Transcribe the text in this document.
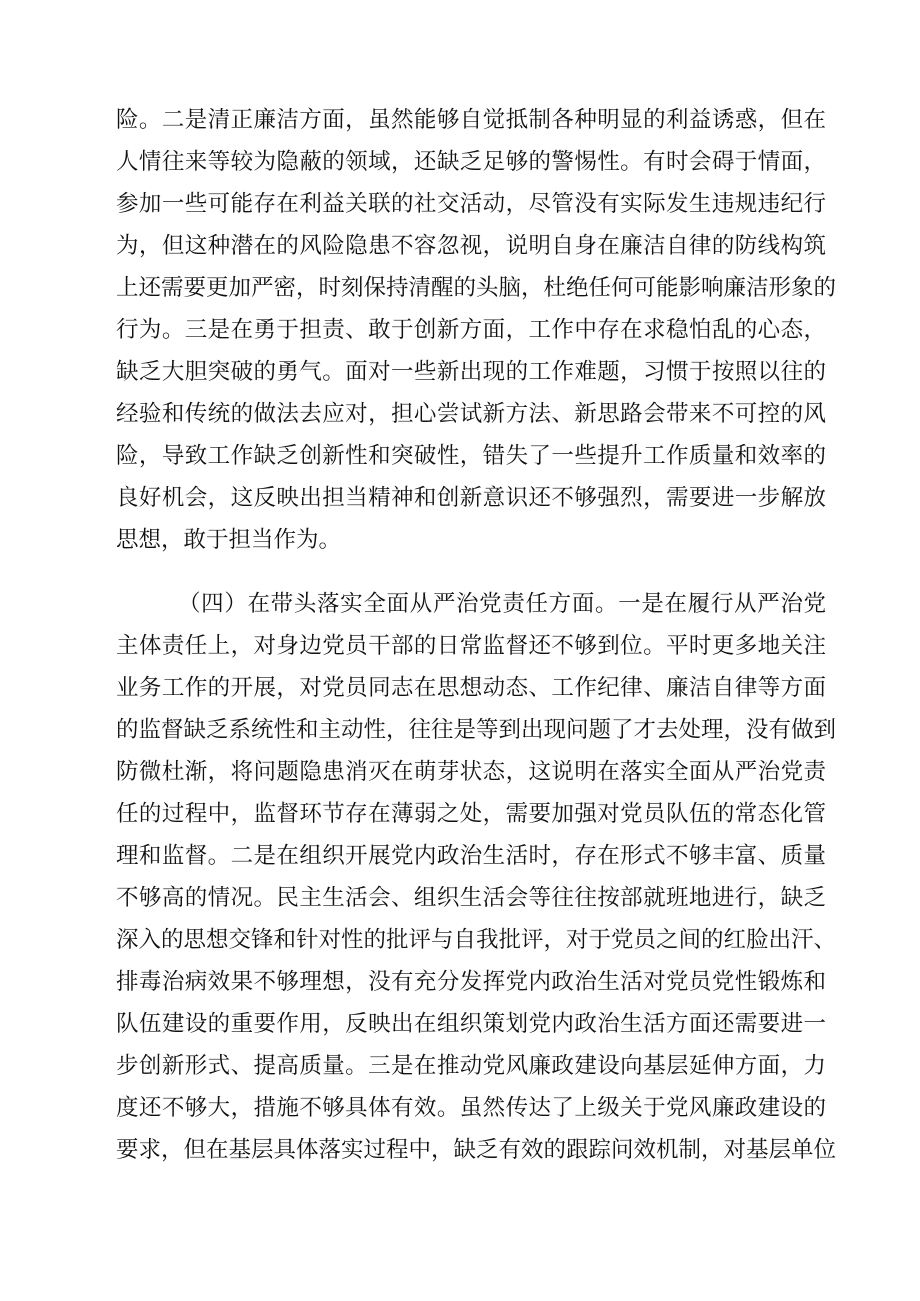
险。二是清正廉洁方面，虽然能够自觉抵制各种明显的利益诱惑，但在
人情往来等较为隐蔽的领域，还缺乏足够的警惕性。有时会碍于情面，
参加一些可能存在利益关联的社交活动，尽管没有实际发生违规违纪行
为，但这种潜在的风险隐患不容忽视，说明自身在廉洁自律的防线构筑
上还需要更加严密，时刻保持清醒的头脑，杜绝任何可能影响廉洁形象的
行为。三是在勇于担责、敢于创新方面，工作中存在求稳怕乱的心态，
缺乏大胆突破的勇气。面对一些新出现的工作难题，习惯于按照以往的
经验和传统的做法去应对，担心尝试新方法、新思路会带来不可控的风
险，导致工作缺乏创新性和突破性，错失了一些提升工作质量和效率的
良好机会，这反映出担当精神和创新意识还不够强烈，需要进一步解放
思想，敢于担当作为。
（四）在带头落实全面从严治党责任方面。一是在履行从严治党
主体责任上，对身边党员干部的日常监督还不够到位。平时更多地关注
业务工作的开展，对党员同志在思想动态、工作纪律、廉洁自律等方面
的监督缺乏系统性和主动性，往往是等到出现问题了才去处理，没有做到
防微杜渐，将问题隐患消灭在萌芽状态，这说明在落实全面从严治党责
任的过程中，监督环节存在薄弱之处，需要加强对党员队伍的常态化管
理和监督。二是在组织开展党内政治生活时，存在形式不够丰富、质量
不够高的情况。民主生活会、组织生活会等往往按部就班地进行，缺乏
深入的思想交锋和针对性的批评与自我批评，对于党员之间的红脸出汗、
排毒治病效果不够理想，没有充分发挥党内政治生活对党员党性锻炼和
队伍建设的重要作用，反映出在组织策划党内政治生活方面还需要进一
步创新形式、提高质量。三是在推动党风廉政建设向基层延伸方面，力
度还不够大，措施不够具体有效。虽然传达了上级关于党风廉政建设的
要求，但在基层具体落实过程中，缺乏有效的跟踪问效机制，对基层单位
